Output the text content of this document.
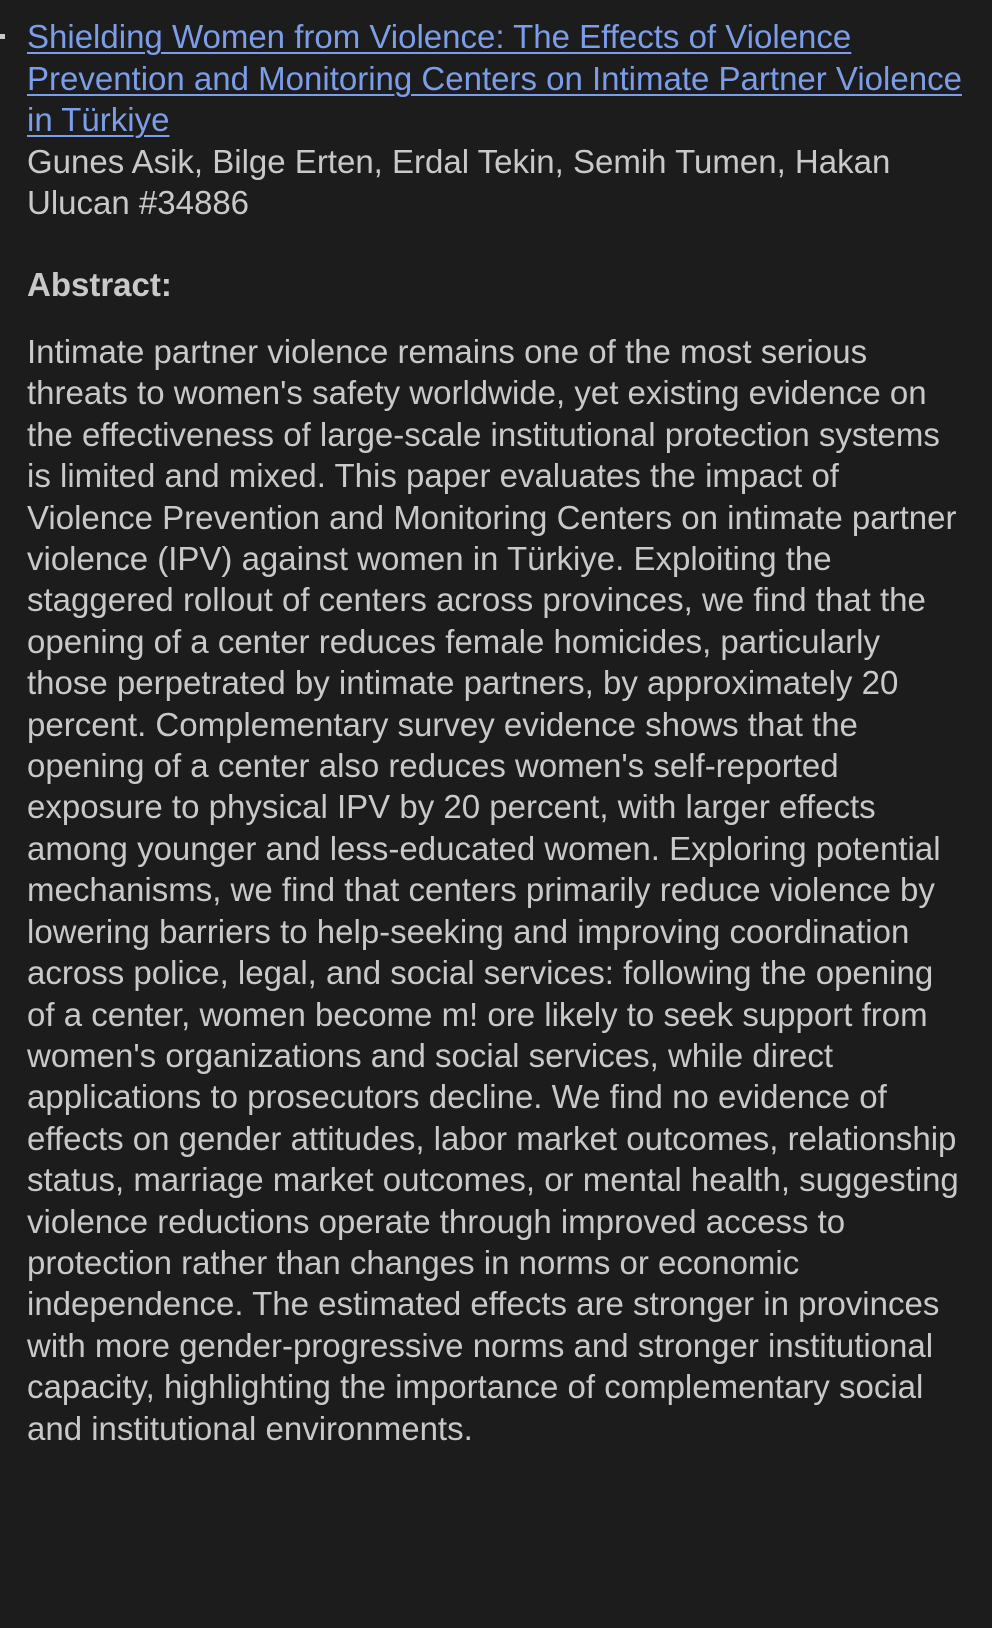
Shielding Women from Violence: The Effects of Violence Prevention and Monitoring Centers on Intimate Partner Violence in Türkiye
Gunes Asik, Bilge Erten, Erdal Tekin, Semih Tumen, Hakan Ulucan #34886
Abstract:
Intimate partner violence remains one of the most serious threats to women's safety worldwide, yet existing evidence on the effectiveness of large-scale institutional protection systems is limited and mixed. This paper evaluates the impact of Violence Prevention and Monitoring Centers on intimate partner violence (IPV) against women in Türkiye. Exploiting the staggered rollout of centers across provinces, we find that the opening of a center reduces female homicides, particularly those perpetrated by intimate partners, by approximately 20 percent. Complementary survey evidence shows that the opening of a center also reduces women's self-reported exposure to physical IPV by 20 percent, with larger effects among younger and less-educated women. Exploring potential mechanisms, we find that centers primarily reduce violence by lowering barriers to help-seeking and improving coordination across police, legal, and social services: following the opening of a center, women become m! ore likely to seek support from women's organizations and social services, while direct applications to prosecutors decline. We find no evidence of effects on gender attitudes, labor market outcomes, relationship status, marriage market outcomes, or mental health, suggesting violence reductions operate through improved access to protection rather than changes in norms or economic independence. The estimated effects are stronger in provinces with more gender-progressive norms and stronger institutional capacity, highlighting the importance of complementary social and institutional environments.
